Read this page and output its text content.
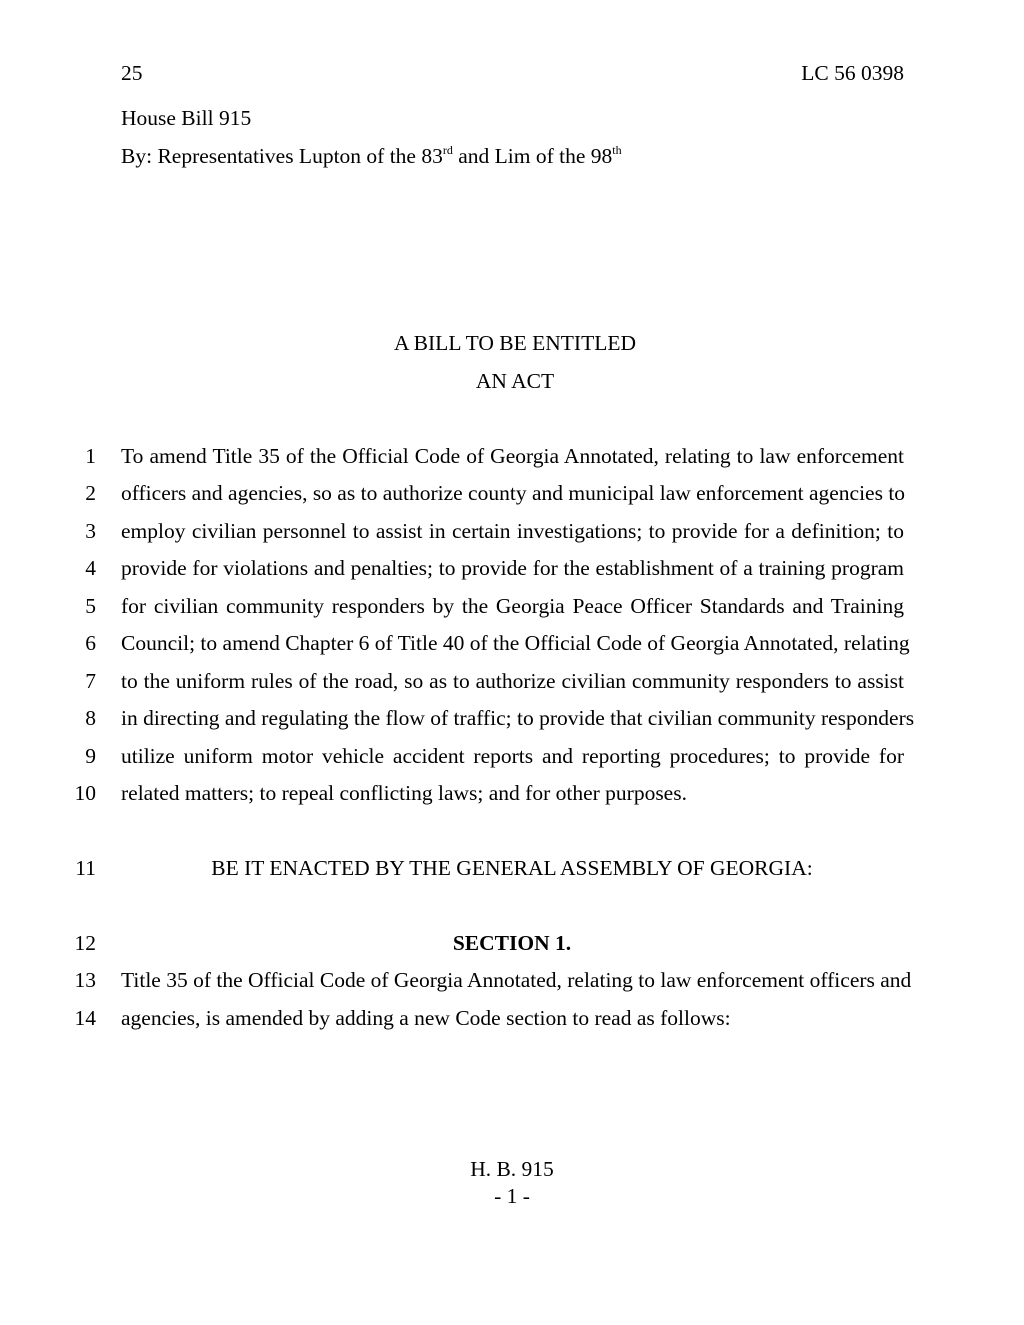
25	LC 56 0398
House Bill 915
By: Representatives Lupton of the 83rd and Lim of the 98th
A BILL TO BE ENTITLED
AN ACT
1
2
3
4
5
6
7
8
9
10
11
12
13
14
To amend Title 35 of the Official Code of Georgia Annotated, relating to law enforcement
officers and agencies, so as to authorize county and municipal law enforcement agencies to
employ civilian personnel to assist in certain investigations; to provide for a definition; to
provide for violations and penalties; to provide for the establishment of a training program
for civilian community responders by the Georgia Peace Officer Standards and Training
Council; to amend Chapter 6 of Title 40 of the Official Code of Georgia Annotated, relating
to the uniform rules of the road, so as to authorize civilian community responders to assist
in directing and regulating the flow of traffic; to provide that civilian community responders
utilize uniform motor vehicle accident reports and reporting procedures; to provide for
related matters; to repeal conflicting laws; and for other purposes.
BE IT ENACTED BY THE GENERAL ASSEMBLY OF GEORGIA:
SECTION 1.
Title 35 of the Official Code of Georgia Annotated, relating to law enforcement officers and
agencies, is amended by adding a new Code section to read as follows:
H. B. 915
- 1 -
